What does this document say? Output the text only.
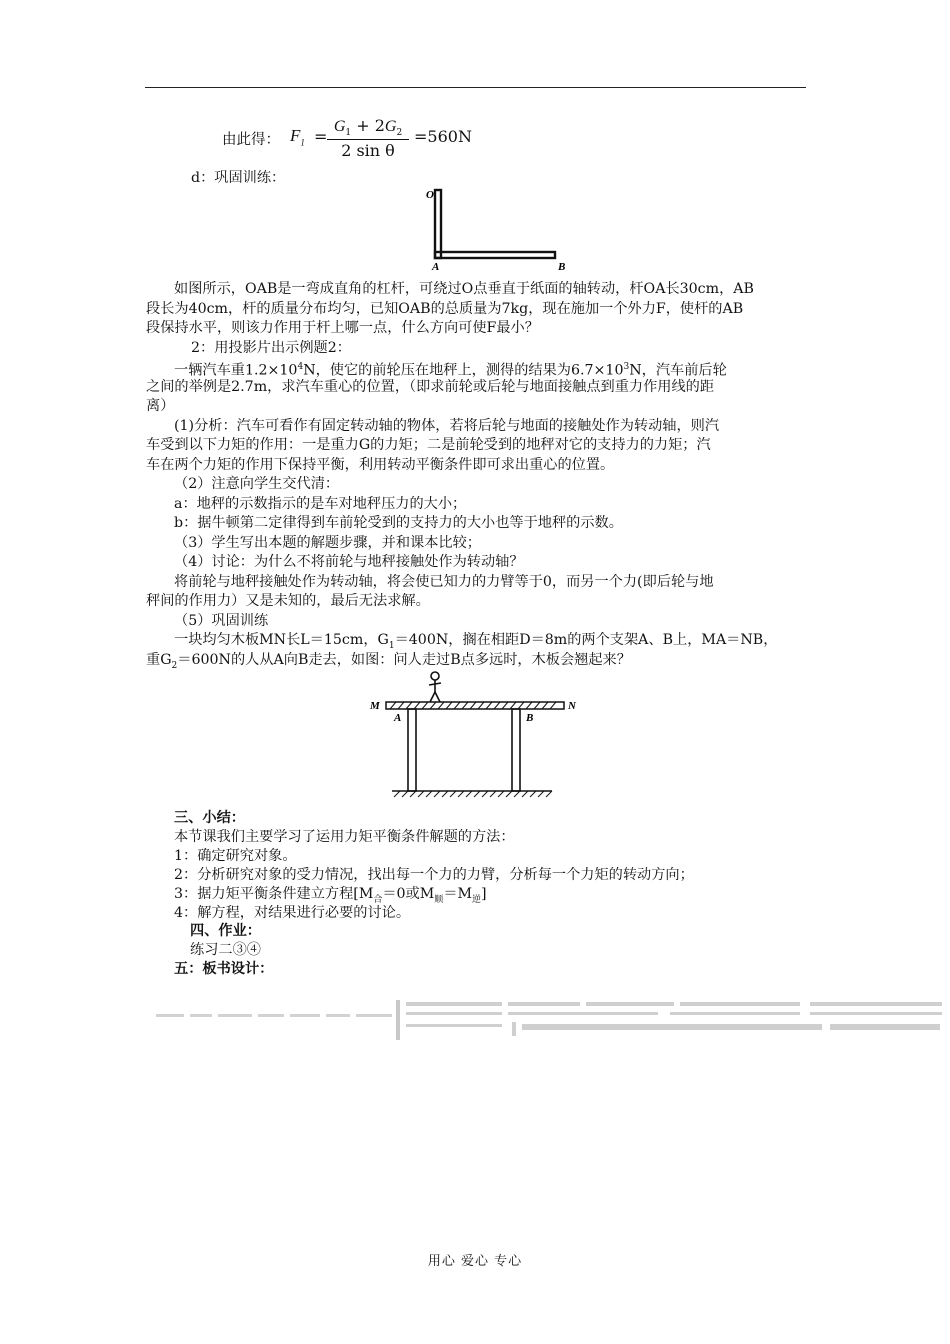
由此得： $F_1$ =
$G_1 + 2G_2$
2 sin θ
=560N
d：巩固训练：
O
A	B
如图所示，OAB是一弯成直角的杠杆，可绕过O点垂直于纸面的轴转动，杆OA长30cm，AB
段长为40cm，杆的质量分布均匀，已知OAB的总质量为7kg，现在施加一个外力F，使杆的AB
段保持水平，则该力作用于杆上哪一点，什么方向可使F最小？
2：用投影片出示例题2：
一辆汽车重$1.2\times 10^4N$，使它的前轮压在地秤上，测得的结果为$6.7\times 10^3N$，汽车前后轮
之间的举例是2.7m，求汽车重心的位置，（即求前轮或后轮与地面接触点到重力作用线的距
离）
(1)分析：汽车可看作有固定转动轴的物体，若将后轮与地面的接触处作为转动轴，则汽
车受到以下力矩的作用：一是重力G的力矩；二是前轮受到的地秤对它的支持力的力矩；汽
车在两个力矩的作用下保持平衡，利用转动平衡条件即可求出重心的位置。
（2）注意向学生交代清：
a：地秤的示数指示的是车对地秤压力的大小；
b：据牛顿第二定律得到车前轮受到的支持力的大小也等于地秤的示数。
（3）学生写出本题的解题步骤，并和课本比较；
（4）讨论：为什么不将前轮与地秤接触处作为转动轴？
将前轮与地秤接触处作为转动轴，将会使已知力的力臂等于0，而另一个力(即后轮与地
秤间的作用力）又是未知的，最后无法求解。
（5）巩固训练
一块均匀木板MN长L＝15cm，$G_1=400N$，搁在相距D＝8m的两个支架A、B上，MA＝NB，
重$G_2=600N$的人从A向B走去，如图：问人走过B点多远时，木板会翘起来？
M	N
A	B
三、小结：
本节课我们主要学习了运用力矩平衡条件解题的方法：
1：确定研究对象。
2：分析研究对象的受力情况，找出每一个力的力臂，分析每一个力矩的转动方向；
3：据力矩平衡条件建立方程[$M_合=0$或$M_顺=M_逆$]
4：解方程，对结果进行必要的讨论。
四、作业：
练习二③④
五：板书设计：
用心 爱心 专心
